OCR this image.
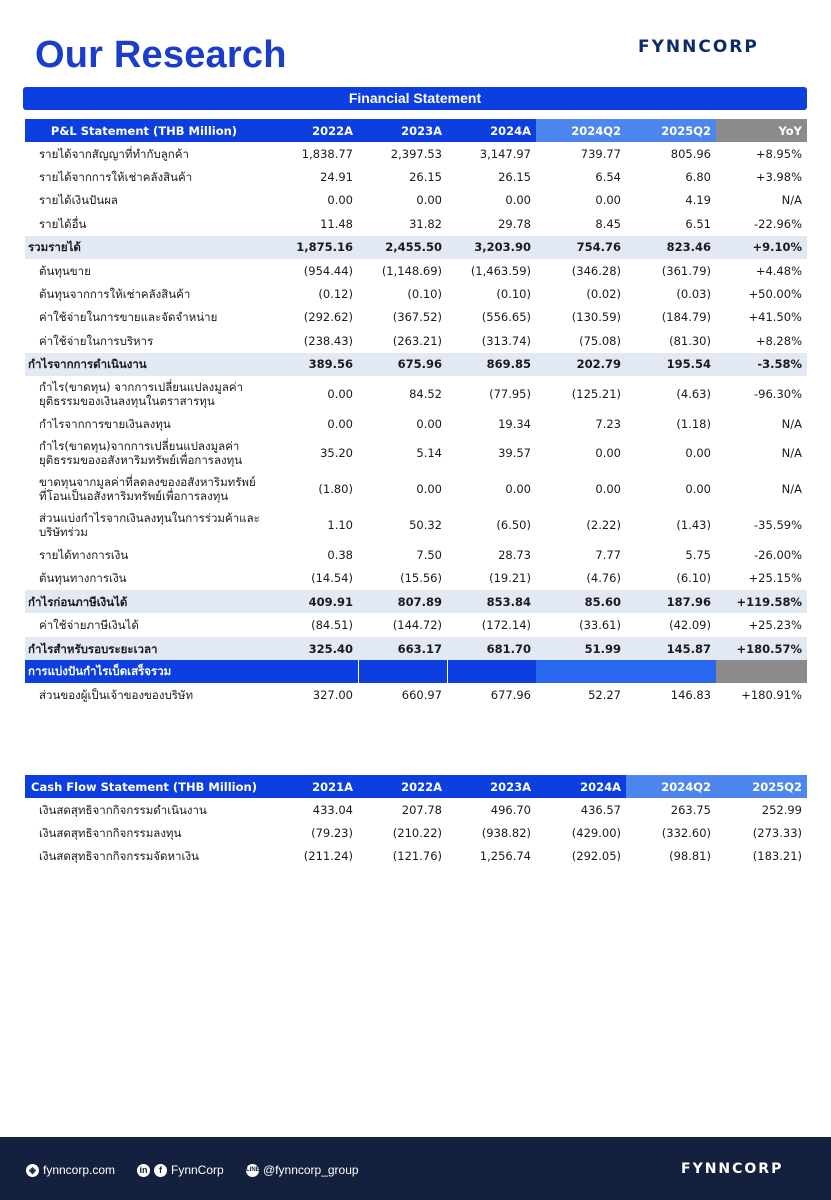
Our Research	FYNNCORP
Financial Statement
P&L Statement (THB Million)	2022A	2023A	2024A	2024Q2	2025Q2	YoY
รายได้จากสัญญาที่ทำกับลูกค้า	1,838.77	2,397.53	3,147.97	739.77	805.96	+8.95%
รายได้จากการให้เช่าคลังสินค้า	24.91	26.15	26.15	6.54	6.80	+3.98%
รายได้เงินปันผล	0.00	0.00	0.00	0.00	4.19	N/A
รายได้อื่น	11.48	31.82	29.78	8.45	6.51	-22.96%
รวมรายได้	1,875.16	2,455.50	3,203.90	754.76	823.46	+9.10%
ต้นทุนขาย	(954.44)	(1,148.69)	(1,463.59)	(346.28)	(361.79)	+4.48%
ต้นทุนจากการให้เช่าคลังสินค้า	(0.12)	(0.10)	(0.10)	(0.02)	(0.03)	+50.00%
ค่าใช้จ่ายในการขายและจัดจำหน่าย	(292.62)	(367.52)	(556.65)	(130.59)	(184.79)	+41.50%
ค่าใช้จ่ายในการบริหาร	(238.43)	(263.21)	(313.74)	(75.08)	(81.30)	+8.28%
กำไรจากการดำเนินงาน	389.56	675.96	869.85	202.79	195.54	-3.58%
กำไร(ขาดทุน) จากการเปลี่ยนแปลงมูลค่ายุติธรรมของเงินลงทุนในตราสารทุน	0.00	84.52	(77.95)	(125.21)	(4.63)	-96.30%
กำไรจากการขายเงินลงทุน	0.00	0.00	19.34	7.23	(1.18)	N/A
กำไร(ขาดทุน)จากการเปลี่ยนแปลงมูลค่ายุติธรรมของอสังหาริมทรัพย์เพื่อการลงทุน	35.20	5.14	39.57	0.00	0.00	N/A
ขาดทุนจากมูลค่าที่ลดลงของอสังหาริมทรัพย์ที่โอนเป็นอสังหาริมทรัพย์เพื่อการลงทุน	(1.80)	0.00	0.00	0.00	0.00	N/A
ส่วนแบ่งกำไรจากเงินลงทุนในการร่วมค้าและบริษัทร่วม	1.10	50.32	(6.50)	(2.22)	(1.43)	-35.59%
รายได้ทางการเงิน	0.38	7.50	28.73	7.77	5.75	-26.00%
ต้นทุนทางการเงิน	(14.54)	(15.56)	(19.21)	(4.76)	(6.10)	+25.15%
กำไรก่อนภาษีเงินได้	409.91	807.89	853.84	85.60	187.96	+119.58%
ค่าใช้จ่ายภาษีเงินได้	(84.51)	(144.72)	(172.14)	(33.61)	(42.09)	+25.23%
กำไรสำหรับรอบระยะเวลา	325.40	663.17	681.70	51.99	145.87	+180.57%
การแบ่งปันกำไรเบ็ดเสร็จรวม						
ส่วนของผู้เป็นเจ้าของของบริษัท	327.00	660.97	677.96	52.27	146.83	+180.91%
Cash Flow Statement (THB Million)	2021A	2022A	2023A	2024A	2024Q2	2025Q2
เงินสดสุทธิจากกิจกรรมดำเนินงาน	433.04	207.78	496.70	436.57	263.75	252.99
เงินสดสุทธิจากกิจกรรมลงทุน	(79.23)	(210.22)	(938.82)	(429.00)	(332.60)	(273.33)
เงินสดสุทธิจากกิจกรรมจัดหาเงิน	(211.24)	(121.76)	1,256.74	(292.05)	(98.81)	(183.21)
◈ fynncorp.com	in f FynnCorp	LINE @fynncorp_group	FYNNCORP
